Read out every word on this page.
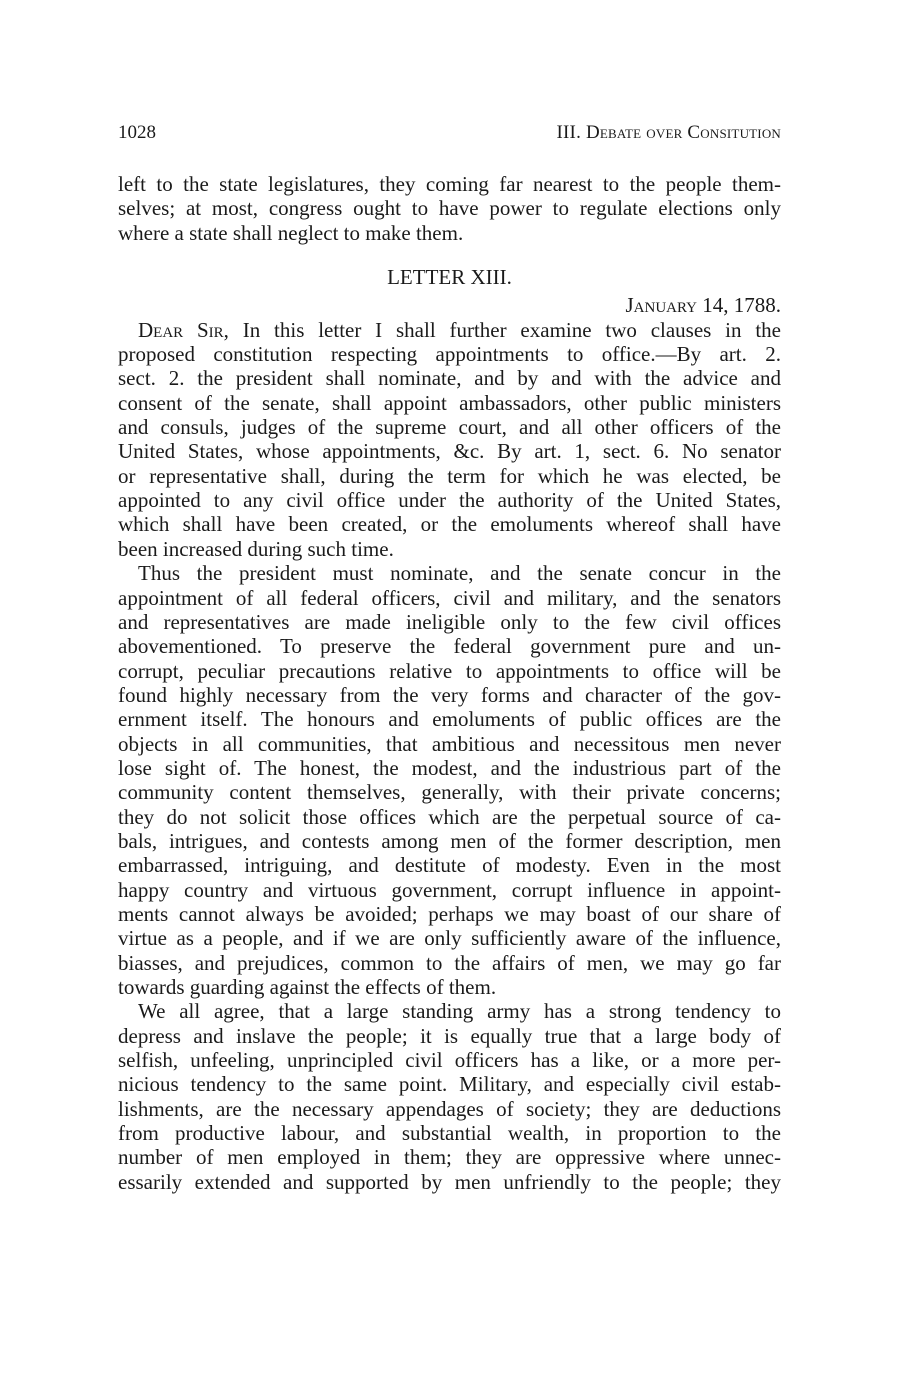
1028	III. Debate over Consitution
left to the state legislatures, they coming far nearest to the people them-
selves; at most, congress ought to have power to regulate elections only
where a state shall neglect to make them.
LETTER XIII.
January 14, 1788.
Dear Sir, In this letter I shall further examine two clauses in the
proposed constitution respecting appointments to office.—By art. 2.
sect. 2. the president shall nominate, and by and with the advice and
consent of the senate, shall appoint ambassadors, other public ministers
and consuls, judges of the supreme court, and all other officers of the
United States, whose appointments, &c. By art. 1, sect. 6. No senator
or representative shall, during the term for which he was elected, be
appointed to any civil office under the authority of the United States,
which shall have been created, or the emoluments whereof shall have
been increased during such time.
Thus the president must nominate, and the senate concur in the
appointment of all federal officers, civil and military, and the senators
and representatives are made ineligible only to the few civil offices
abovementioned. To preserve the federal government pure and un-
corrupt, peculiar precautions relative to appointments to office will be
found highly necessary from the very forms and character of the gov-
ernment itself. The honours and emoluments of public offices are the
objects in all communities, that ambitious and necessitous men never
lose sight of. The honest, the modest, and the industrious part of the
community content themselves, generally, with their private concerns;
they do not solicit those offices which are the perpetual source of ca-
bals, intrigues, and contests among men of the former description, men
embarrassed, intriguing, and destitute of modesty. Even in the most
happy country and virtuous government, corrupt influence in appoint-
ments cannot always be avoided; perhaps we may boast of our share of
virtue as a people, and if we are only sufficiently aware of the influence,
biasses, and prejudices, common to the affairs of men, we may go far
towards guarding against the effects of them.
We all agree, that a large standing army has a strong tendency to
depress and inslave the people; it is equally true that a large body of
selfish, unfeeling, unprincipled civil officers has a like, or a more per-
nicious tendency to the same point. Military, and especially civil estab-
lishments, are the necessary appendages of society; they are deductions
from productive labour, and substantial wealth, in proportion to the
number of men employed in them; they are oppressive where unnec-
essarily extended and supported by men unfriendly to the people; they
